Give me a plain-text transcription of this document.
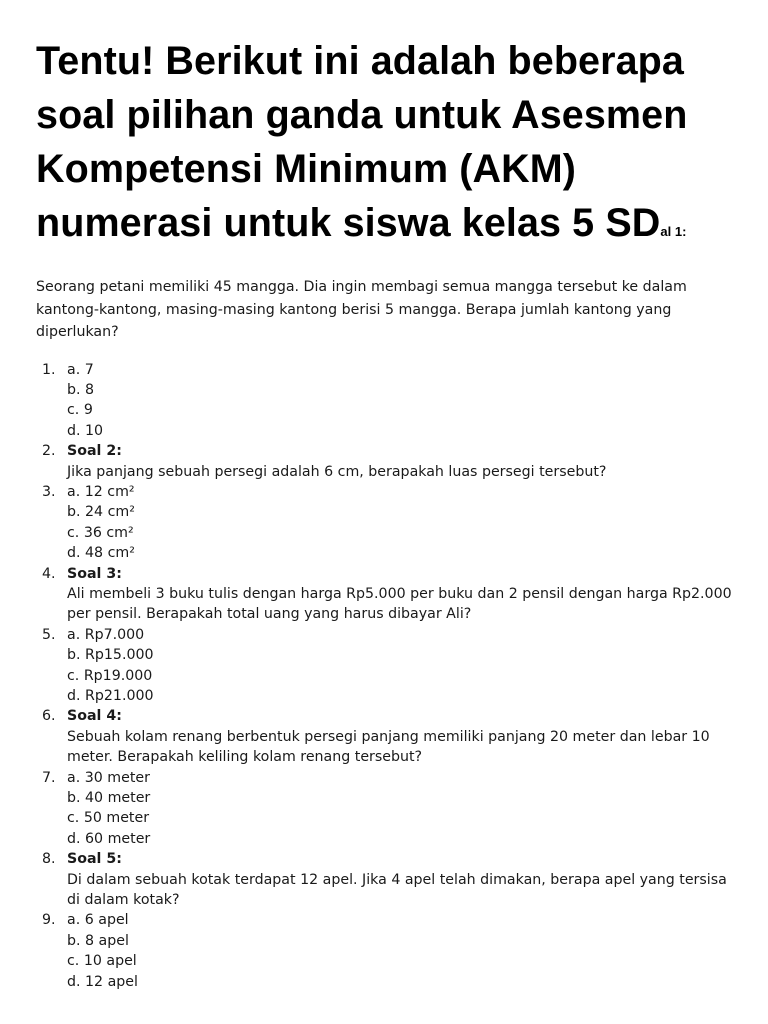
Tentu! Berikut ini adalah beberapa soal pilihan ganda untuk Asesmen Kompetensi Minimum (AKM) numerasi untuk siswa kelas 5 SDal 1:

Seorang petani memiliki 45 mangga. Dia ingin membagi semua mangga tersebut ke dalam kantong-kantong, masing-masing kantong berisi 5 mangga. Berapa jumlah kantong yang diperlukan?

1. a. 7
b. 8
c. 9
d. 10
2. Soal 2:
Jika panjang sebuah persegi adalah 6 cm, berapakah luas persegi tersebut?
3. a. 12 cm²
b. 24 cm²
c. 36 cm²
d. 48 cm²
4. Soal 3:
Ali membeli 3 buku tulis dengan harga Rp5.000 per buku dan 2 pensil dengan harga Rp2.000 per pensil. Berapakah total uang yang harus dibayar Ali?
5. a. Rp7.000
b. Rp15.000
c. Rp19.000
d. Rp21.000
6. Soal 4:
Sebuah kolam renang berbentuk persegi panjang memiliki panjang 20 meter dan lebar 10 meter. Berapakah keliling kolam renang tersebut?
7. a. 30 meter
b. 40 meter
c. 50 meter
d. 60 meter
8. Soal 5:
Di dalam sebuah kotak terdapat 12 apel. Jika 4 apel telah dimakan, berapa apel yang tersisa di dalam kotak?
9. a. 6 apel
b. 8 apel
c. 10 apel
d. 12 apel
